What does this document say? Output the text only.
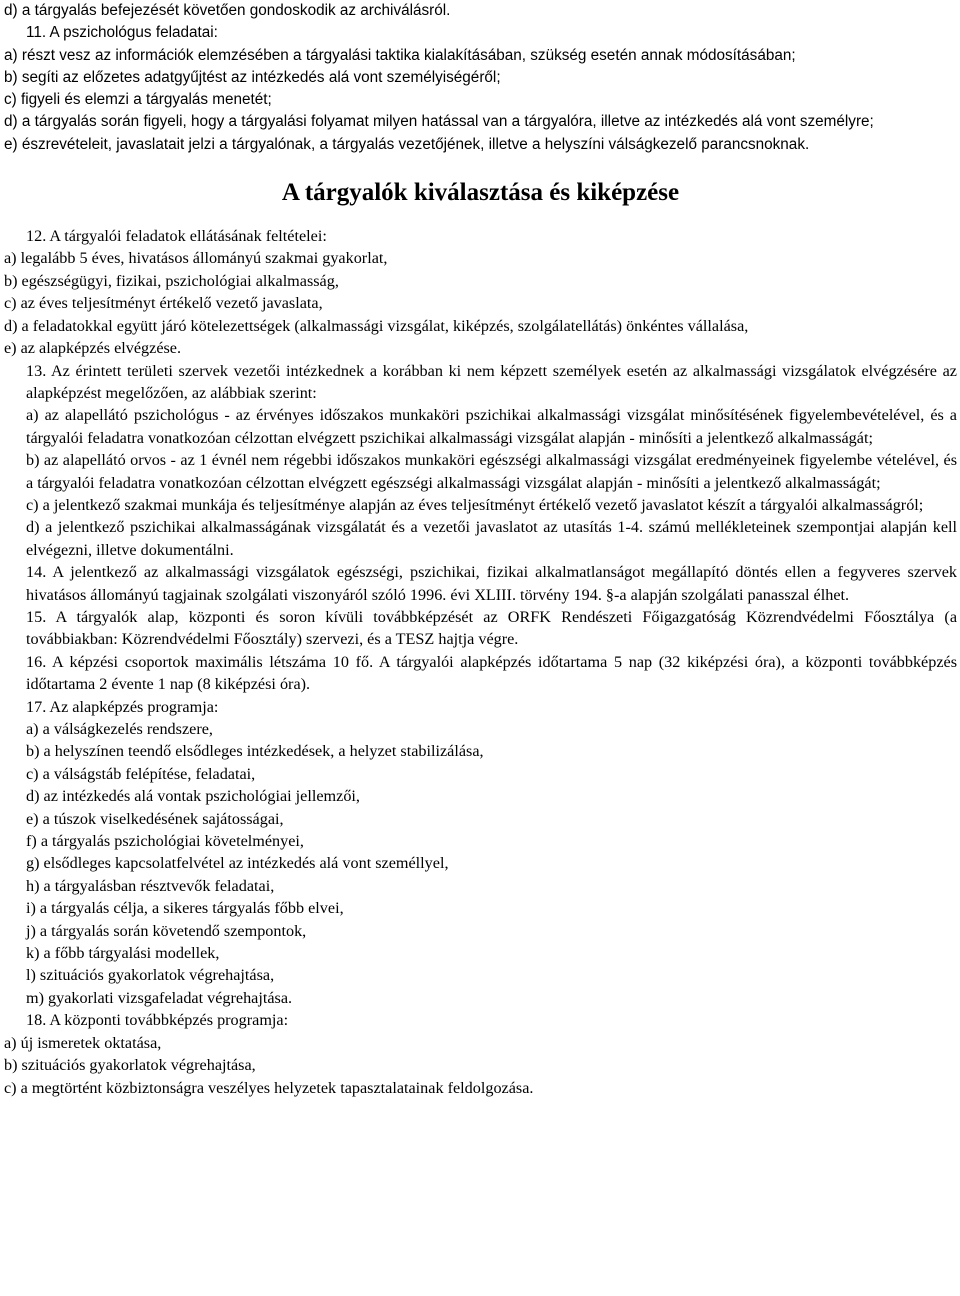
d) a tárgyalás befejezését követően gondoskodik az archiválásról.

11. A pszichológus feladatai:

a) részt vesz az információk elemzésében a tárgyalási taktika kialakításában, szükség esetén annak módosításában;

b) segíti az előzetes adatgyűjtést az intézkedés alá vont személyiségéről;

c) figyeli és elemzi a tárgyalás menetét;

d) a tárgyalás során figyeli, hogy a tárgyalási folyamat milyen hatással van a tárgyalóra, illetve az intézkedés alá vont személyre;

e) észrevételeit, javaslatait jelzi a tárgyalónak, a tárgyalás vezetőjének, illetve a helyszíni válságkezelő parancsnoknak.

A tárgyalók kiválasztása és kiképzése

12. A tárgyalói feladatok ellátásának feltételei:

a) legalább 5 éves, hivatásos állományú szakmai gyakorlat,

b) egészségügyi, fizikai, pszichológiai alkalmasság,

c) az éves teljesítményt értékelő vezető javaslata,

d) a feladatokkal együtt járó kötelezettségek (alkalmassági vizsgálat, kiképzés, szolgálatellátás) önkéntes vállalása,

e) az alapképzés elvégzése.

13. Az érintett területi szervek vezetői intézkednek a korábban ki nem képzett személyek esetén az alkalmassági vizsgálatok elvégzésére az alapképzést megelőzően, az alábbiak szerint:

a) az alapellátó pszichológus - az érvényes időszakos munkaköri pszichikai alkalmassági vizsgálat minősítésének figyelembevételével, és a tárgyalói feladatra vonatkozóan célzottan elvégzett pszichikai alkalmassági vizsgálat alapján - minősíti a jelentkező alkalmasságát;

b) az alapellátó orvos - az 1 évnél nem régebbi időszakos munkaköri egészségi alkalmassági vizsgálat eredményeinek figyelembe vételével, és a tárgyalói feladatra vonatkozóan célzottan elvégzett egészségi alkalmassági vizsgálat alapján - minősíti a jelentkező alkalmasságát;

c) a jelentkező szakmai munkája és teljesítménye alapján az éves teljesítményt értékelő vezető javaslatot készít a tárgyalói alkalmasságról;

d) a jelentkező pszichikai alkalmasságának vizsgálatát és a vezetői javaslatot az utasítás 1-4. számú mellékleteinek szempontjai alapján kell elvégezni, illetve dokumentálni.

14. A jelentkező az alkalmassági vizsgálatok egészségi, pszichikai, fizikai alkalmatlanságot megállapító döntés ellen a fegyveres szervek hivatásos állományú tagjainak szolgálati viszonyáról szóló 1996. évi XLIII. törvény 194. §-a alapján szolgálati panasszal élhet.

15. A tárgyalók alap, központi és soron kívüli továbbképzését az ORFK Rendészeti Főigazgatóság Közrendvédelmi Főosztálya (a továbbiakban: Közrendvédelmi Főosztály) szervezi, és a TESZ hajtja végre.

16. A képzési csoportok maximális létszáma 10 fő. A tárgyalói alapképzés időtartama 5 nap (32 kiképzési óra), a központi továbbképzés időtartama 2 évente 1 nap (8 kiképzési óra).

17. Az alapképzés programja:

a) a válságkezelés rendszere,

b) a helyszínen teendő elsődleges intézkedések, a helyzet stabilizálása,

c) a válságstáb felépítése, feladatai,

d) az intézkedés alá vontak pszichológiai jellemzői,

e) a túszok viselkedésének sajátosságai,

f) a tárgyalás pszichológiai követelményei,

g) elsődleges kapcsolatfelvétel az intézkedés alá vont személlyel,

h) a tárgyalásban résztvevők feladatai,

i) a tárgyalás célja, a sikeres tárgyalás főbb elvei,

j) a tárgyalás során követendő szempontok,

k) a főbb tárgyalási modellek,

l) szituációs gyakorlatok végrehajtása,

m) gyakorlati vizsgafeladat végrehajtása.

18. A központi továbbképzés programja:

a) új ismeretek oktatása,

b) szituációs gyakorlatok végrehajtása,

c) a megtörtént közbiztonságra veszélyes helyzetek tapasztalatainak feldolgozása.
